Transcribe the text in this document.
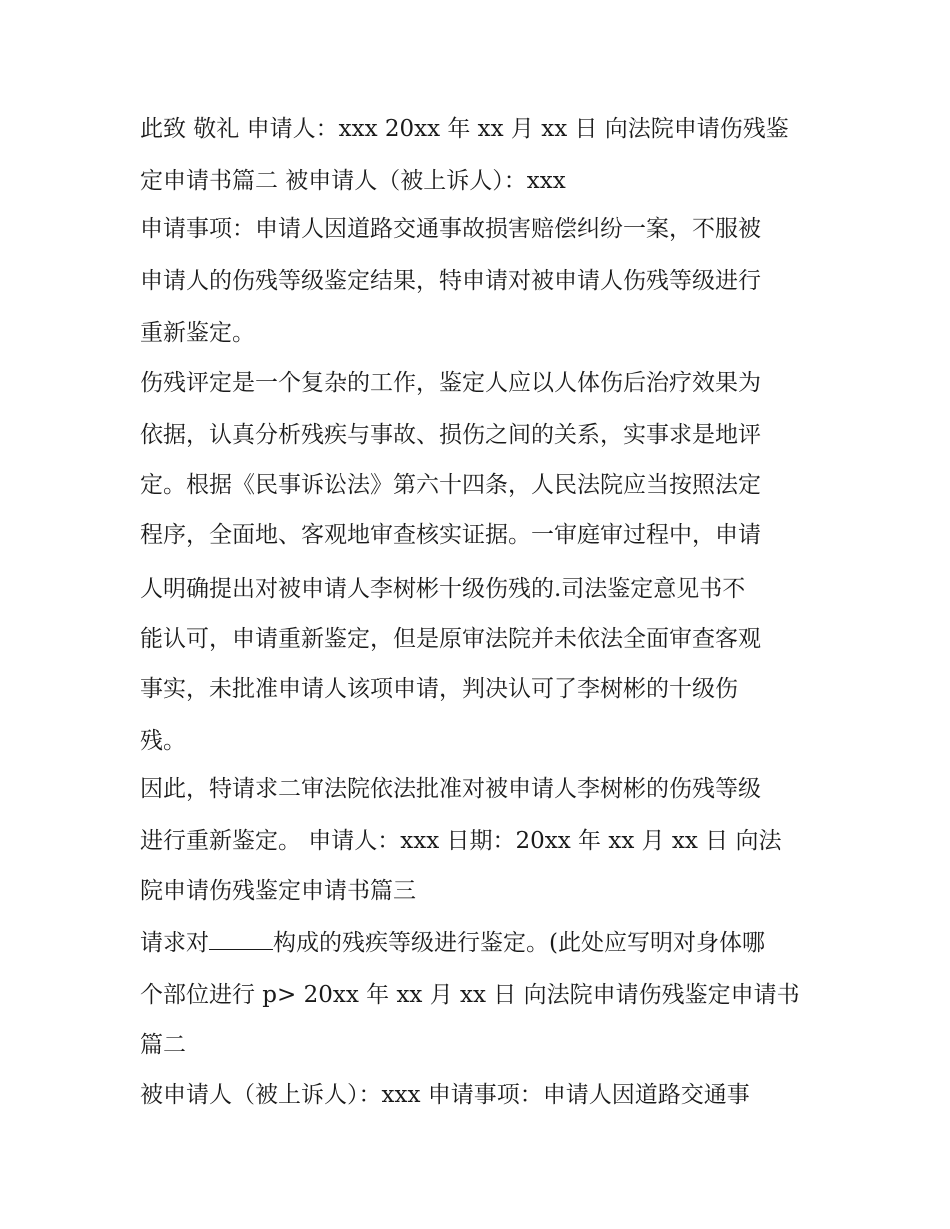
此致 敬礼 申请人：xxx 20xx 年 xx 月 xx 日 向法院申请伤残鉴
定申请书篇二 被申请人（被上诉人）：xxx
申请事项：申请人因道路交通事故损害赔偿纠纷一案，不服被
申请人的伤残等级鉴定结果，特申请对被申请人伤残等级进行
重新鉴定。
伤残评定是一个复杂的工作，鉴定人应以人体伤后治疗效果为
依据，认真分析残疾与事故、损伤之间的关系，实事求是地评
定。根据《民事诉讼法》第六十四条，人民法院应当按照法定
程序，全面地、客观地审查核实证据。一审庭审过程中，申请
人明确提出对被申请人李树彬十级伤残的.司法鉴定意见书不
能认可，申请重新鉴定，但是原审法院并未依法全面审查客观
事实，未批准申请人该项申请，判决认可了李树彬的十级伤
残。
因此，特请求二审法院依法批准对被申请人李树彬的伤残等级
进行重新鉴定。 申请人：xxx 日期：20xx 年 xx 月 xx 日 向法
院申请伤残鉴定申请书篇三
请求对	构成的残疾等级进行鉴定。(此处应写明对身体哪
个部位进行 p> 20xx 年 xx 月 xx 日 向法院申请伤残鉴定申请书
篇二
被申请人（被上诉人）：xxx 申请事项：申请人因道路交通事
